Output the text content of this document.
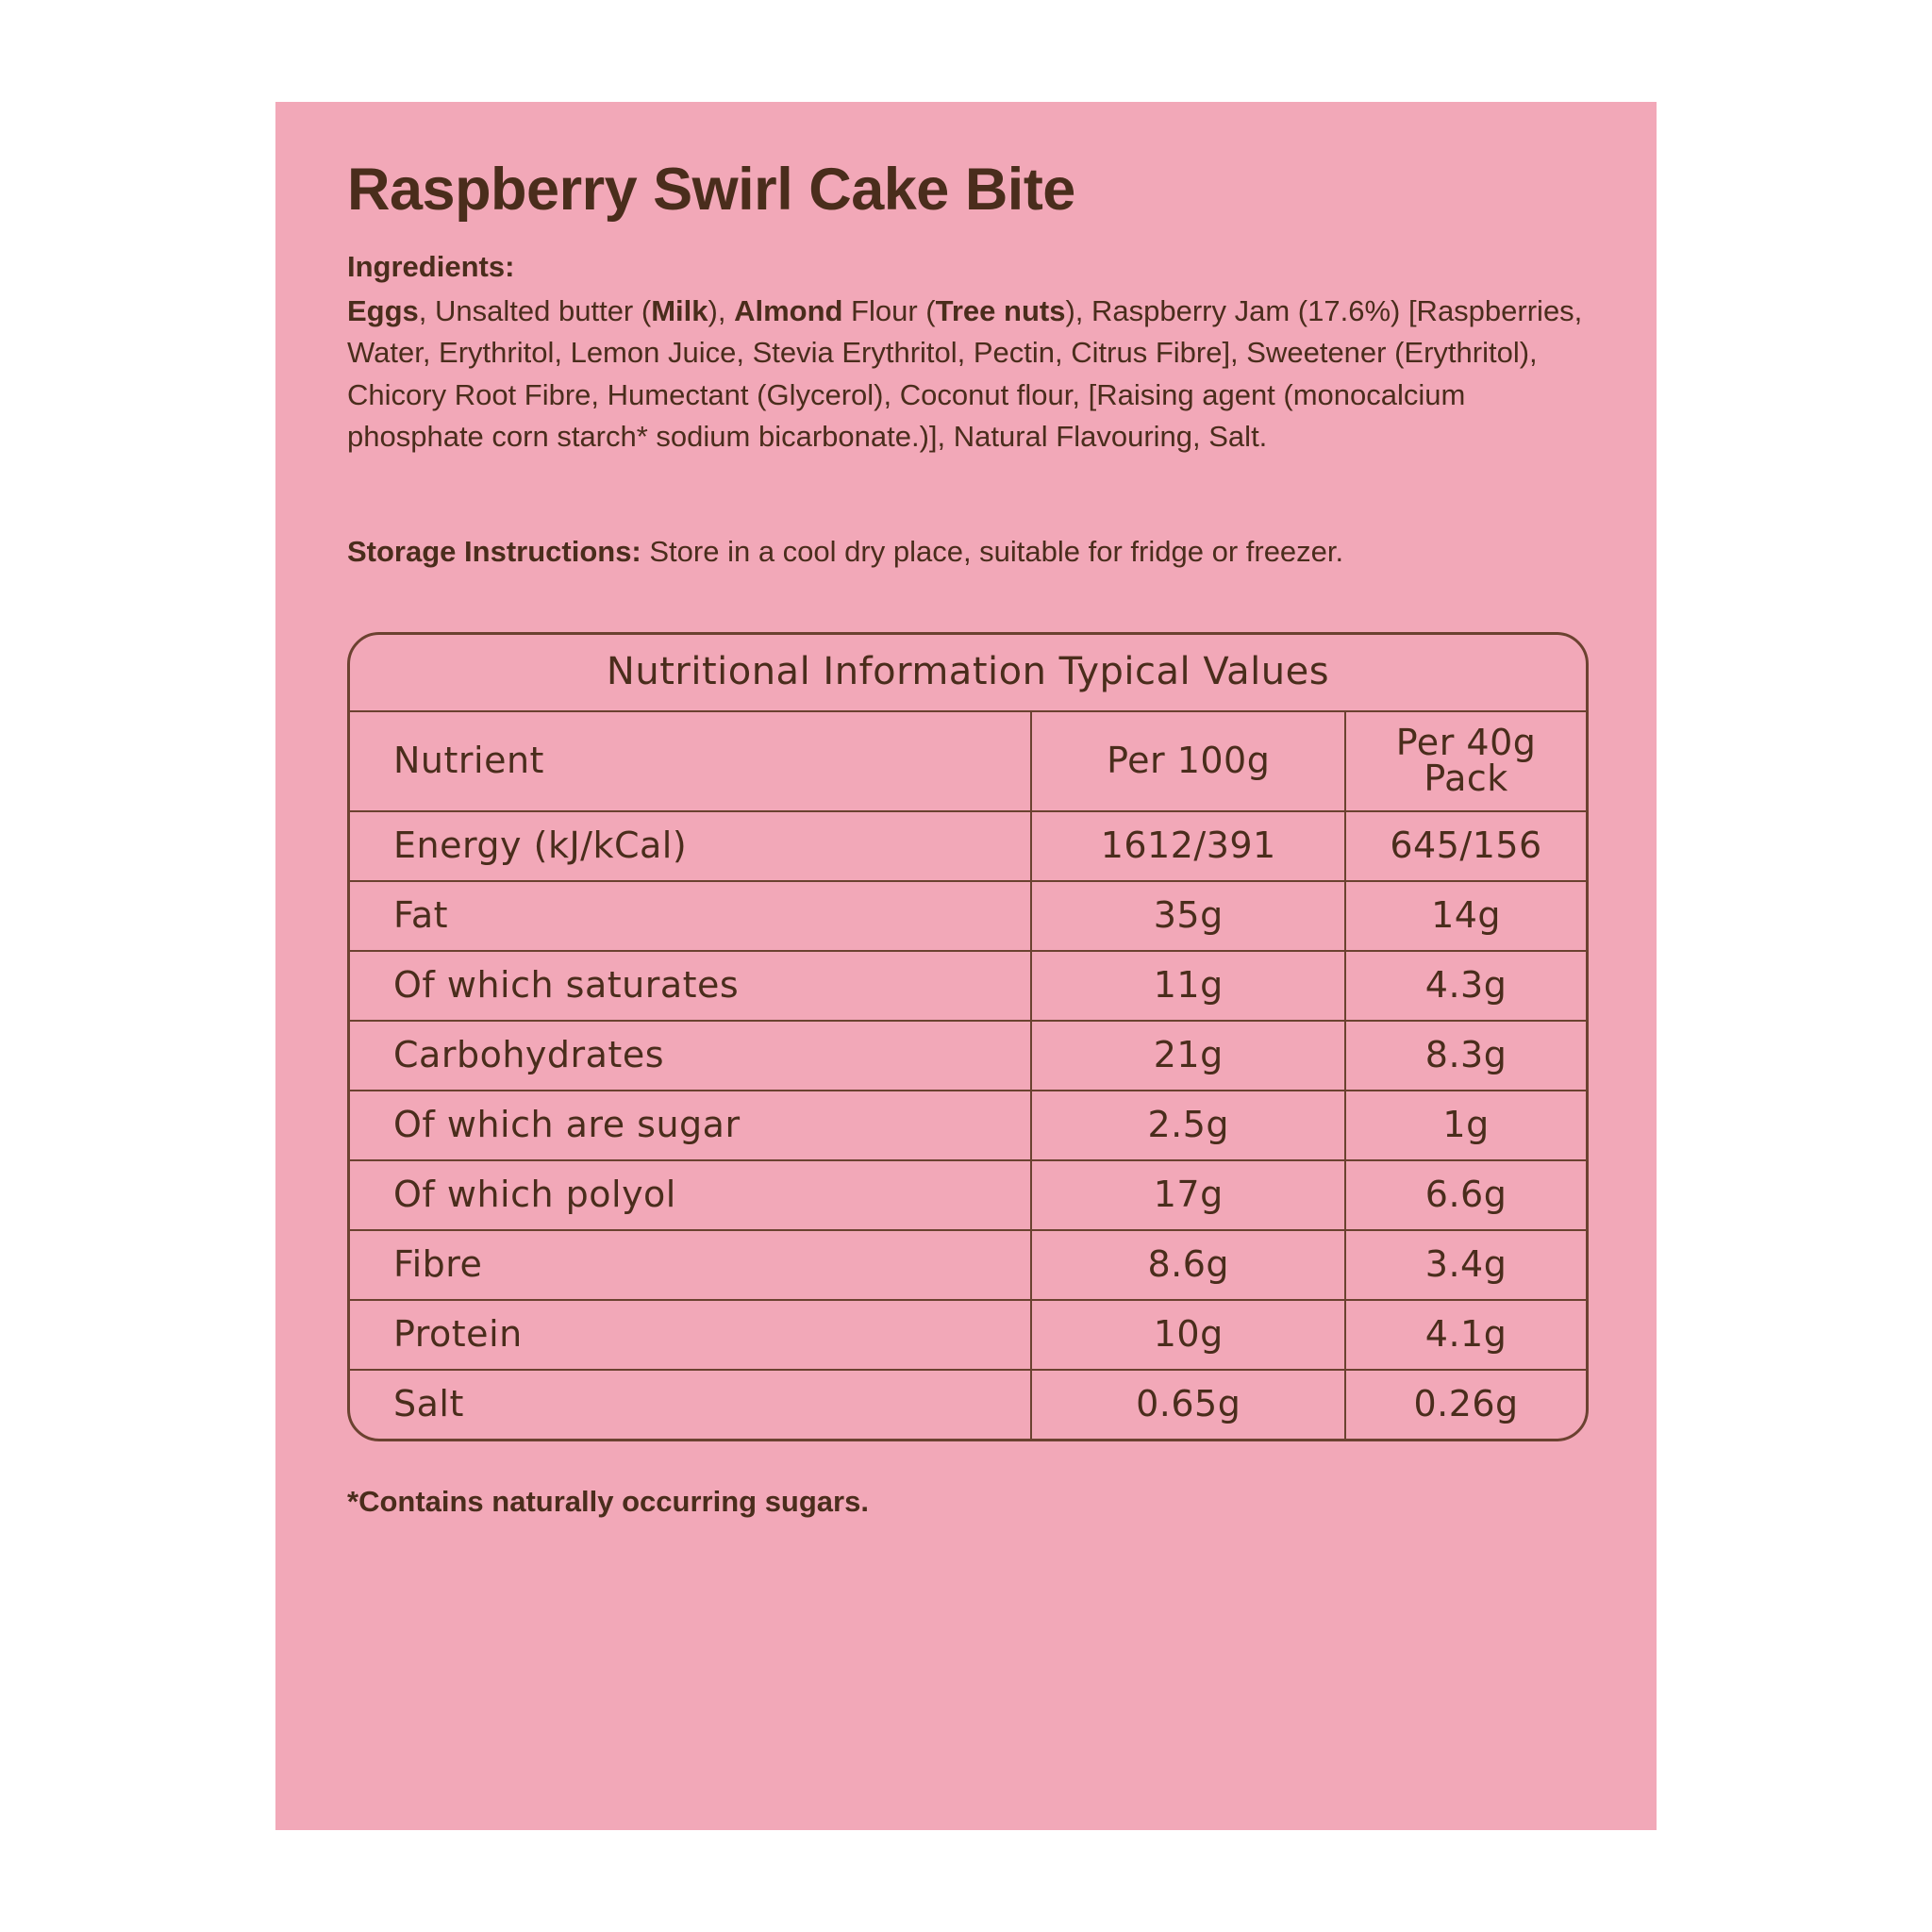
Raspberry Swirl Cake Bite
Ingredients:

Eggs, Unsalted butter (Milk), Almond Flour (Tree nuts), Raspberry Jam (17.6%) [Raspberries, Water, Erythritol, Lemon Juice, Stevia Erythritol, Pectin, Citrus Fibre], Sweetener (Erythritol), Chicory Root Fibre, Humectant (Glycerol), Coconut flour, [Raising agent (monocalcium phosphate corn starch* sodium bicarbonate.)], Natural Flavouring, Salt.

Storage Instructions: Store in a cool dry place, suitable for fridge or freezer.
Nutritional Information Typical Values		
Nutrient	Per 100g	Per 40g
Pack

Energy (kJ/kCal)	1612/391	645/156
Fat	35g	14g
Of which saturates	11g	4.3g
Carbohydrates	21g	8.3g
Of which are sugar	2.5g	1g
Of which polyol	17g	6.6g
Fibre	8.6g	3.4g
Protein	10g	4.1g
Salt	0.65g	0.26g
*Contains naturally occurring sugars.
